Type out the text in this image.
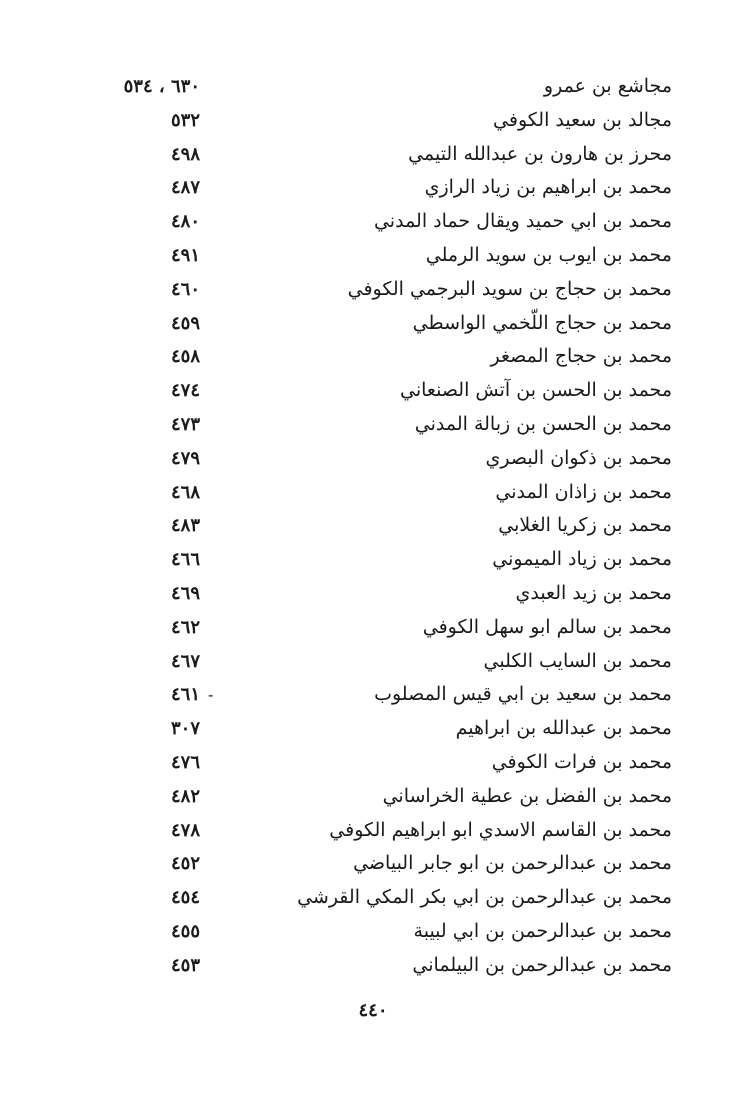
مجاشع بن عمرو
٦٣٠ ، ٥٣٤
مجالد بن سعيد الكوفي
٥٣٢
محرز بن هارون بن عبدالله التيمي
٤٩٨
محمد بن ابراهيم بن زياد الرازي
٤٨٧
محمد بن ابي حميد ويقال حماد المدني
٤٨٠
محمد بن ايوب بن سويد الرملي
٤٩١
محمد بن حجاج بن سويد البرجمي الكوفي
٤٦٠
محمد بن حجاج اللّخمي الواسطي
٤٥٩
محمد بن حجاج المصغر
٤٥٨
محمد بن الحسن بن آتش الصنعاني
٤٧٤
محمد بن الحسن بن زبالة المدني
٤٧٣
محمد بن ذكوان البصري
٤٧٩
محمد بن زاذان المدني
٤٦٨
محمد بن زكريا الغلابي
٤٨٣
محمد بن زياد الميموني
٤٦٦
محمد بن زيد العبدي
٤٦٩
محمد بن سالم ابو سهل الكوفي
٤٦٢
محمد بن السايب الكلبي
٤٦٧
محمد بن سعيد بن ابي قيس المصلوب
٤٦١ -
محمد بن عبدالله بن ابراهيم
٣٠٧
محمد بن فرات الكوفي
٤٧٦
محمد بن الفضل بن عطية الخراساني
٤٨٢
محمد بن القاسم الاسدي ابو ابراهيم الكوفي
٤٧٨
محمد بن عبدالرحمن بن ابو جابر البياضي
٤٥٢
محمد بن عبدالرحمن بن ابي بكر المكي القرشي
٤٥٤
محمد بن عبدالرحمن بن ابي لبيبة
٤٥٥
محمد بن عبدالرحمن بن البيلماني
٤٥٣
٤٤٠
